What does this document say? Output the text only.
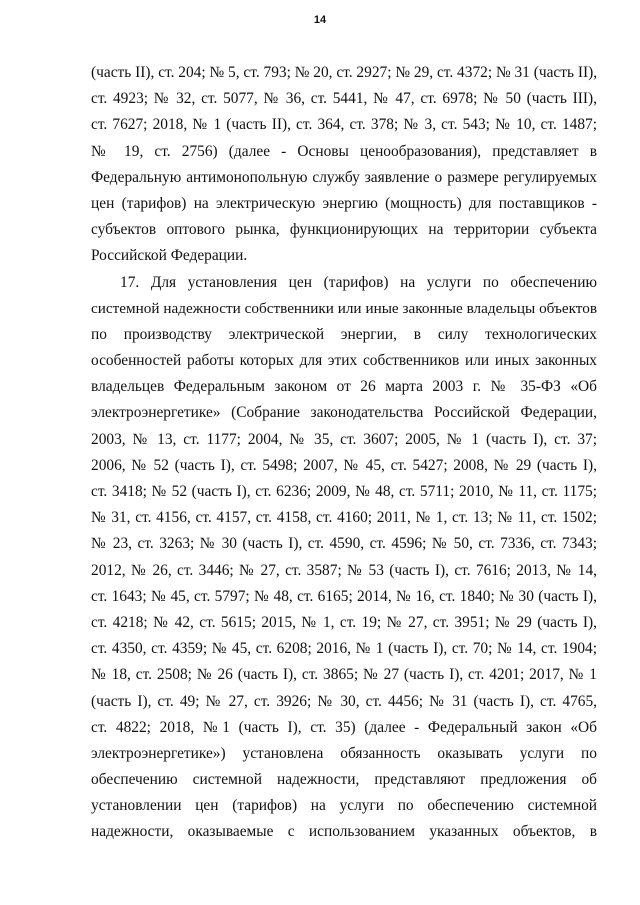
14
(часть II), ст. 204; № 5, ст. 793; № 20, ст. 2927; № 29, ст. 4372; № 31 (часть II),
ст. 4923; № 32, ст. 5077, № 36, ст. 5441, № 47, ст. 6978; № 50 (часть III),
ст. 7627; 2018, № 1 (часть II), ст. 364, ст. 378; № 3, ст. 543; № 10, ст. 1487;
№ 19, ст. 2756) (далее - Основы ценообразования), представляет в
Федеральную антимонопольную службу заявление о размере регулируемых
цен (тарифов) на электрическую энергию (мощность) для поставщиков -
субъектов оптового рынка, функционирующих на территории субъекта
Российской Федерации.
17. Для установления цен (тарифов) на услуги по обеспечению
системной надежности собственники или иные законные владельцы объектов
по производству электрической энергии, в силу технологических
особенностей работы которых для этих собственников или иных законных
владельцев Федеральным законом от 26 марта 2003 г. № 35-ФЗ «Об
электроэнергетике» (Собрание законодательства Российской Федерации,
2003, № 13, ст. 1177; 2004, № 35, ст. 3607; 2005, № 1 (часть I), ст. 37;
2006, № 52 (часть I), ст. 5498; 2007, № 45, ст. 5427; 2008, № 29 (часть I),
ст. 3418; № 52 (часть I), ст. 6236; 2009, № 48, ст. 5711; 2010, № 11, ст. 1175;
№ 31, ст. 4156, ст. 4157, ст. 4158, ст. 4160; 2011, № 1, ст. 13; № 11, ст. 1502;
№ 23, ст. 3263; № 30 (часть I), ст. 4590, ст. 4596; № 50, ст. 7336, ст. 7343;
2012, № 26, ст. 3446; № 27, ст. 3587; № 53 (часть I), ст. 7616; 2013, № 14,
ст. 1643; № 45, ст. 5797; № 48, ст. 6165; 2014, № 16, ст. 1840; № 30 (часть I),
ст. 4218; № 42, ст. 5615; 2015, № 1, ст. 19; № 27, ст. 3951; № 29 (часть I),
ст. 4350, ст. 4359; № 45, ст. 6208; 2016, № 1 (часть I), ст. 70; № 14, ст. 1904;
№ 18, ст. 2508; № 26 (часть I), ст. 3865; № 27 (часть I), ст. 4201; 2017, № 1
(часть I), ст. 49; № 27, ст. 3926; № 30, ст. 4456; № 31 (часть I), ст. 4765,
ст. 4822; 2018, №1 (часть I), ст. 35) (далее - Федеральный закон «Об
электроэнергетике») установлена обязанность оказывать услуги по
обеспечению системной надежности, представляют предложения об
установлении цен (тарифов) на услуги по обеспечению системной
надежности, оказываемые с использованием указанных объектов, в
